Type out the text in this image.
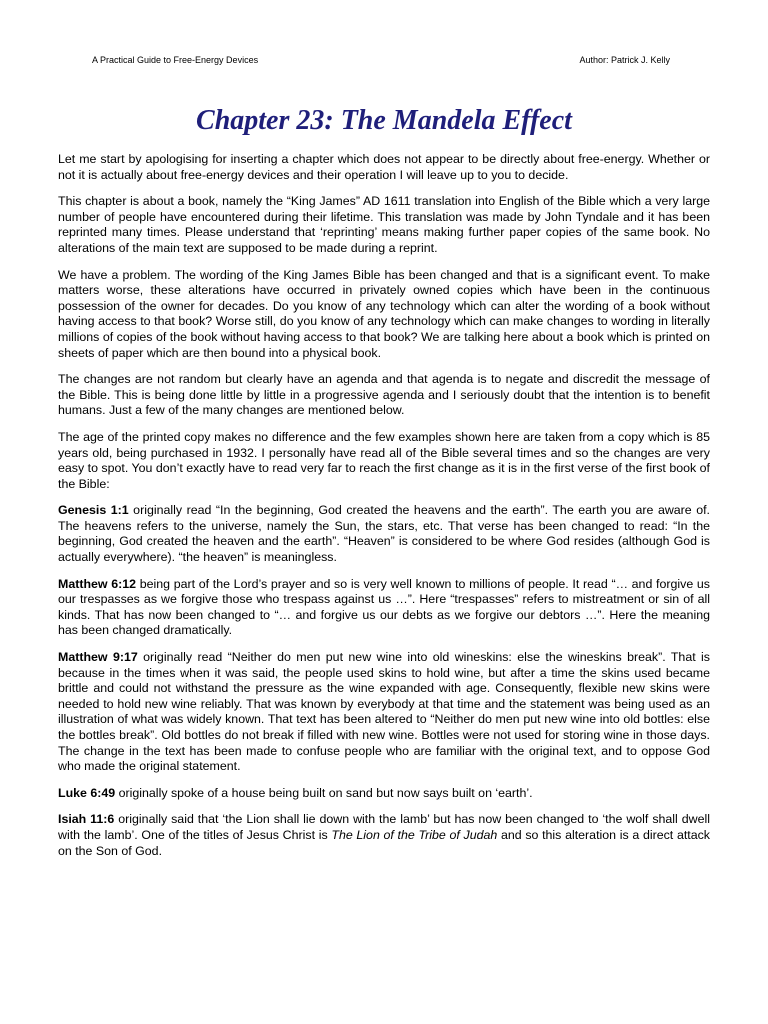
A Practical Guide to Free-Energy Devices	Author: Patrick J. Kelly
Chapter 23: The Mandela Effect

Let me start by apologising for inserting a chapter which does not appear to be directly about free-energy. Whether or not it is actually about free-energy devices and their operation I will leave up to you to decide.

This chapter is about a book, namely the “King James” AD 1611 translation into English of the Bible which a very large number of people have encountered during their lifetime. This translation was made by John Tyndale and it has been reprinted many times. Please understand that ‘reprinting’ means making further paper copies of the same book. No alterations of the main text are supposed to be made during a reprint.

We have a problem. The wording of the King James Bible has been changed and that is a significant event. To make matters worse, these alterations have occurred in privately owned copies which have been in the continuous possession of the owner for decades. Do you know of any technology which can alter the wording of a book without having access to that book? Worse still, do you know of any technology which can make changes to wording in literally millions of copies of the book without having access to that book? We are talking here about a book which is printed on sheets of paper which are then bound into a physical book.

The changes are not random but clearly have an agenda and that agenda is to negate and discredit the message of the Bible. This is being done little by little in a progressive agenda and I seriously doubt that the intention is to benefit humans. Just a few of the many changes are mentioned below.

The age of the printed copy makes no difference and the few examples shown here are taken from a copy which is 85 years old, being purchased in 1932. I personally have read all of the Bible several times and so the changes are very easy to spot. You don’t exactly have to read very far to reach the first change as it is in the first verse of the first book of the Bible:

Genesis 1:1 originally read “In the beginning, God created the heavens and the earth”. The earth you are aware of. The heavens refers to the universe, namely the Sun, the stars, etc. That verse has been changed to read: “In the beginning, God created the heaven and the earth”. “Heaven” is considered to be where God resides (although God is actually everywhere). “the heaven” is meaningless.

Matthew 6:12 being part of the Lord’s prayer and so is very well known to millions of people. It read “… and forgive us our trespasses as we forgive those who trespass against us …”. Here “trespasses” refers to mistreatment or sin of all kinds. That has now been changed to “… and forgive us our debts as we forgive our debtors …”. Here the meaning has been changed dramatically.

Matthew 9:17 originally read “Neither do men put new wine into old wineskins: else the wineskins break”. That is because in the times when it was said, the people used skins to hold wine, but after a time the skins used became brittle and could not withstand the pressure as the wine expanded with age. Consequently, flexible new skins were needed to hold new wine reliably. That was known by everybody at that time and the statement was being used as an illustration of what was widely known. That text has been altered to “Neither do men put new wine into old bottles: else the bottles break”. Old bottles do not break if filled with new wine. Bottles were not used for storing wine in those days. The change in the text has been made to confuse people who are familiar with the original text, and to oppose God who made the original statement.

Luke 6:49 originally spoke of a house being built on sand but now says built on ‘earth’.

Isiah 11:6 originally said that ‘the Lion shall lie down with the lamb’ but has now been changed to ‘the wolf shall dwell with the lamb’. One of the titles of Jesus Christ is The Lion of the Tribe of Judah and so this alteration is a direct attack on the Son of God.
